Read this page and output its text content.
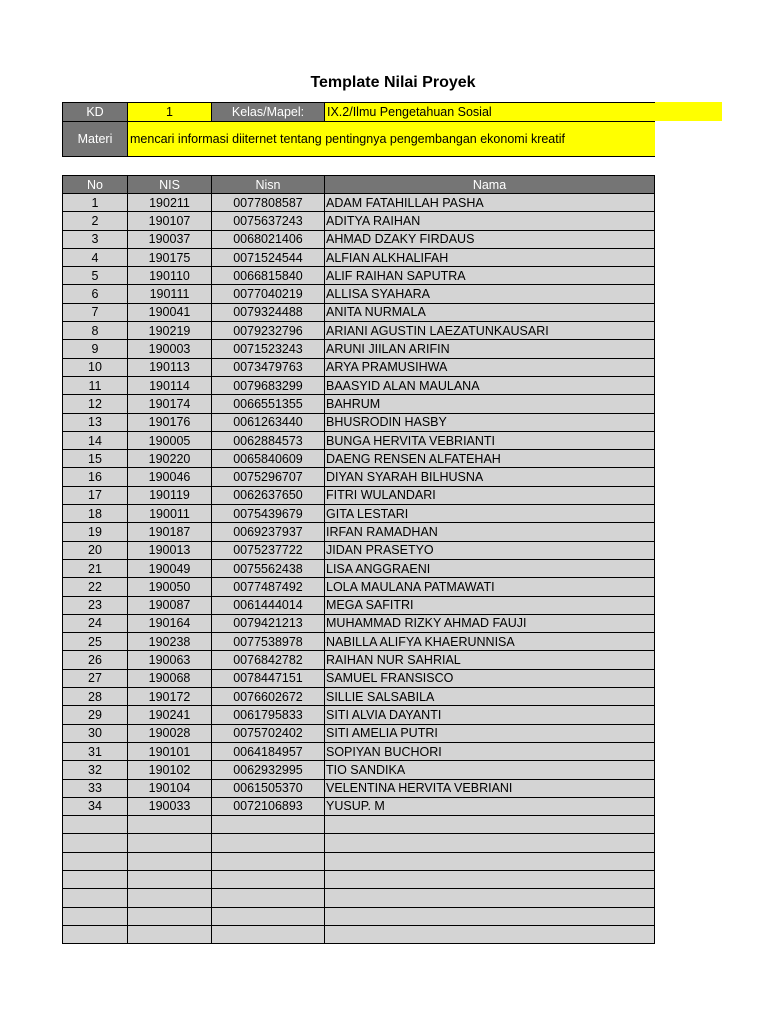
Template Nilai Proyek
KD	1	Kelas/Mapel:	IX.2/Ilmu Pengetahuan Sosial
Materi	mencari informasi diiternet tentang pentingnya pengembangan ekonomi kreatif		
No	NIS	Nisn	Nama
1	190211	0077808587	ADAM FATAHILLAH PASHA
2	190107	0075637243	ADITYA RAIHAN
3	190037	0068021406	AHMAD DZAKY FIRDAUS
4	190175	0071524544	ALFIAN ALKHALIFAH
5	190110	0066815840	ALIF RAIHAN SAPUTRA
6	190111	0077040219	ALLISA SYAHARA
7	190041	0079324488	ANITA NURMALA
8	190219	0079232796	ARIANI AGUSTIN LAEZATUNKAUSARI
9	190003	0071523243	ARUNI JIILAN ARIFIN
10	190113	0073479763	ARYA PRAMUSIHWA
11	190114	0079683299	BAASYID ALAN MAULANA
12	190174	0066551355	BAHRUM
13	190176	0061263440	BHUSRODIN HASBY
14	190005	0062884573	BUNGA HERVITA VEBRIANTI
15	190220	0065840609	DAENG RENSEN ALFATEHAH
16	190046	0075296707	DIYAN SYARAH BILHUSNA
17	190119	0062637650	FITRI WULANDARI
18	190011	0075439679	GITA LESTARI
19	190187	0069237937	IRFAN RAMADHAN
20	190013	0075237722	JIDAN PRASETYO
21	190049	0075562438	LISA ANGGRAENI
22	190050	0077487492	LOLA MAULANA PATMAWATI
23	190087	0061444014	MEGA SAFITRI
24	190164	0079421213	MUHAMMAD RIZKY AHMAD FAUJI
25	190238	0077538978	NABILLA ALIFYA KHAERUNNISA
26	190063	0076842782	RAIHAN NUR SAHRIAL
27	190068	0078447151	SAMUEL FRANSISCO
28	190172	0076602672	SILLIE SALSABILA
29	190241	0061795833	SITI ALVIA DAYANTI
30	190028	0075702402	SITI AMELIA PUTRI
31	190101	0064184957	SOPIYAN BUCHORI
32	190102	0062932995	TIO SANDIKA
33	190104	0061505370	VELENTINA HERVITA VEBRIANI
34	190033	0072106893	YUSUP. M
